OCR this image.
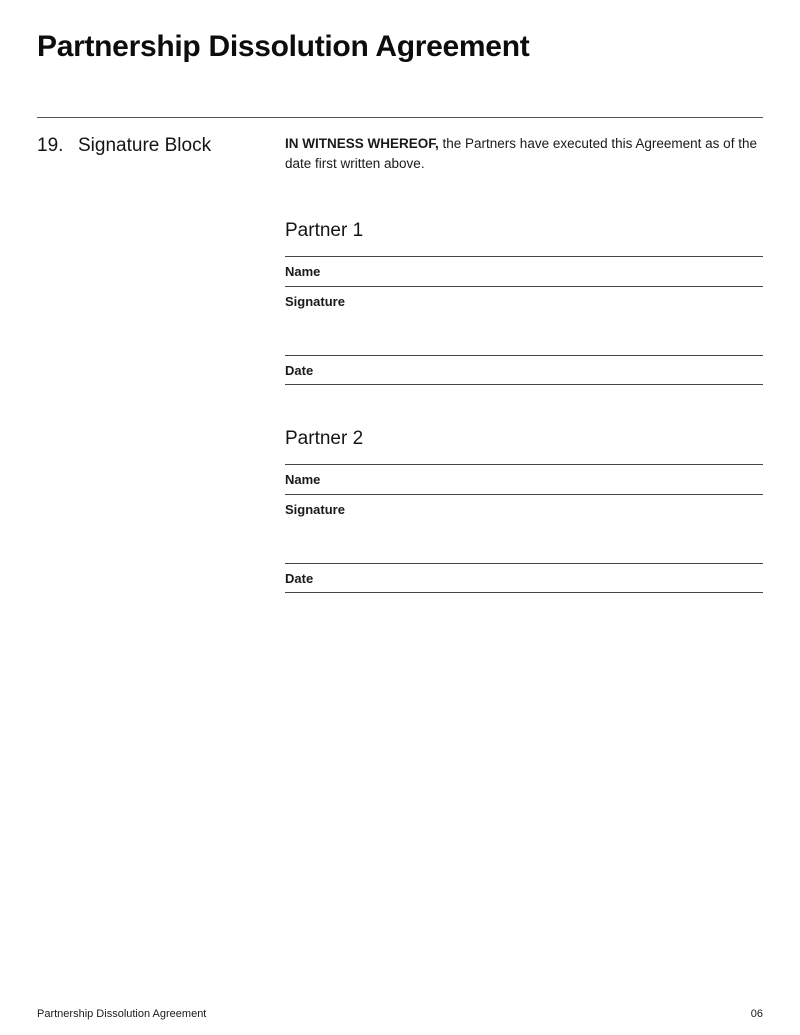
Partnership Dissolution Agreement
19. Signature Block	IN WITNESS WHEREOF, the Partners have executed this Agreement as of the date first written above.

Partner 1
Name
Signature
Date
Partner 2
Name
Signature
Date
Partnership Dissolution Agreement	06
